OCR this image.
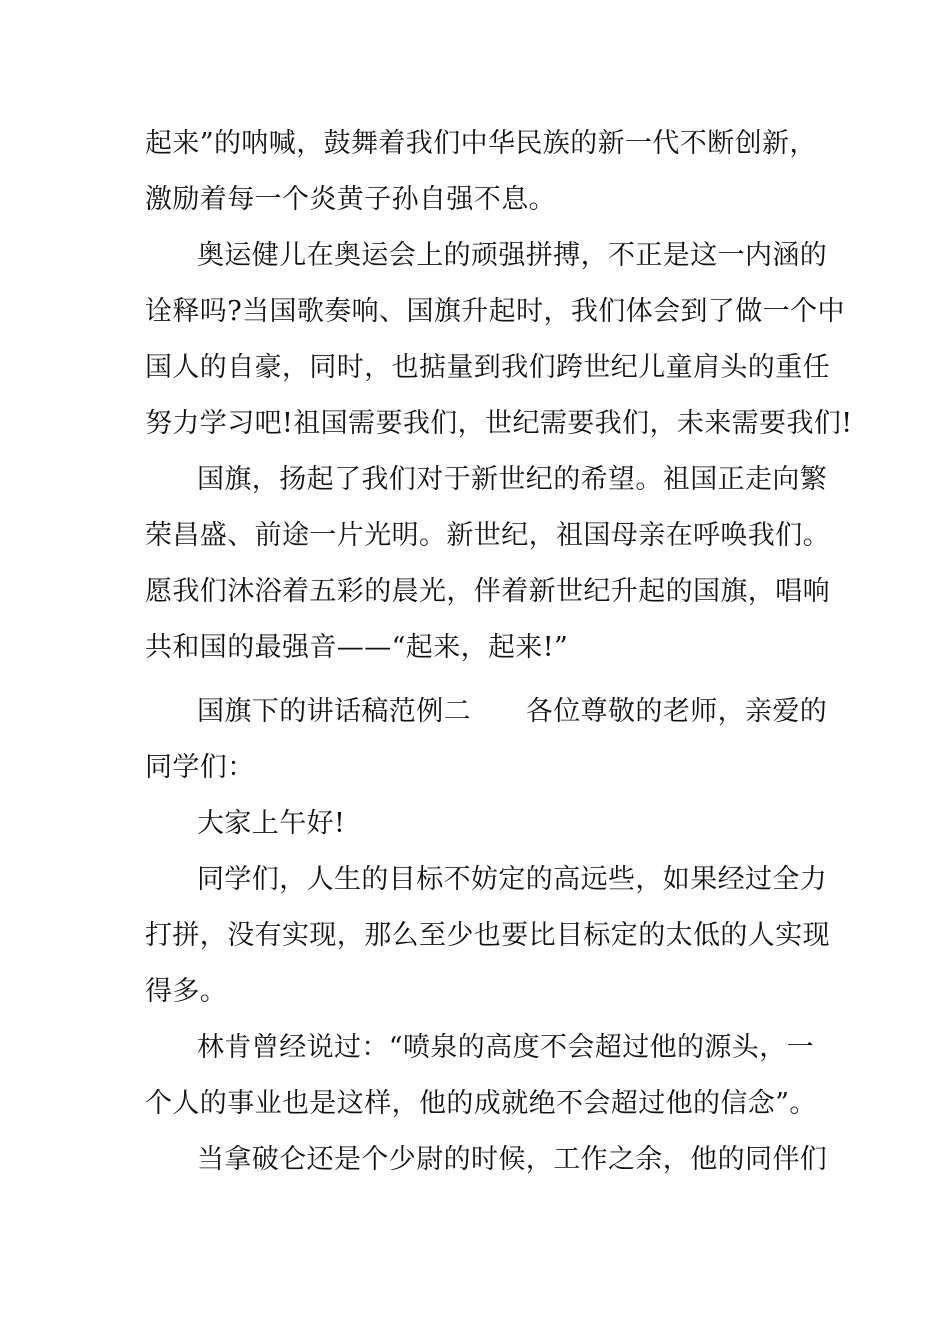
起来”的呐喊，鼓舞着我们中华民族的新一代不断创新，
激励着每一个炎黄子孙自强不息。
奥运健儿在奥运会上的顽强拼搏，不正是这一内涵的
诠释吗?当国歌奏响、国旗升起时，我们体会到了做一个中
国人的自豪，同时，也掂量到我们跨世纪儿童肩头的重任
努力学习吧!祖国需要我们，世纪需要我们，未来需要我们!
国旗，扬起了我们对于新世纪的希望。祖国正走向繁
荣昌盛、前途一片光明。新世纪，祖国母亲在呼唤我们。
愿我们沐浴着五彩的晨光，伴着新世纪升起的国旗，唱响
共和国的最强音——“起来，起来!”
国旗下的讲话稿范例二　　各位尊敬的老师，亲爱的
同学们：
大家上午好!
同学们，人生的目标不妨定的高远些，如果经过全力
打拼，没有实现，那么至少也要比目标定的太低的人实现
得多。
林肯曾经说过：“喷泉的高度不会超过他的源头，一
个人的事业也是这样，他的成就绝不会超过他的信念”。
当拿破仑还是个少尉的时候，工作之余，他的同伴们
